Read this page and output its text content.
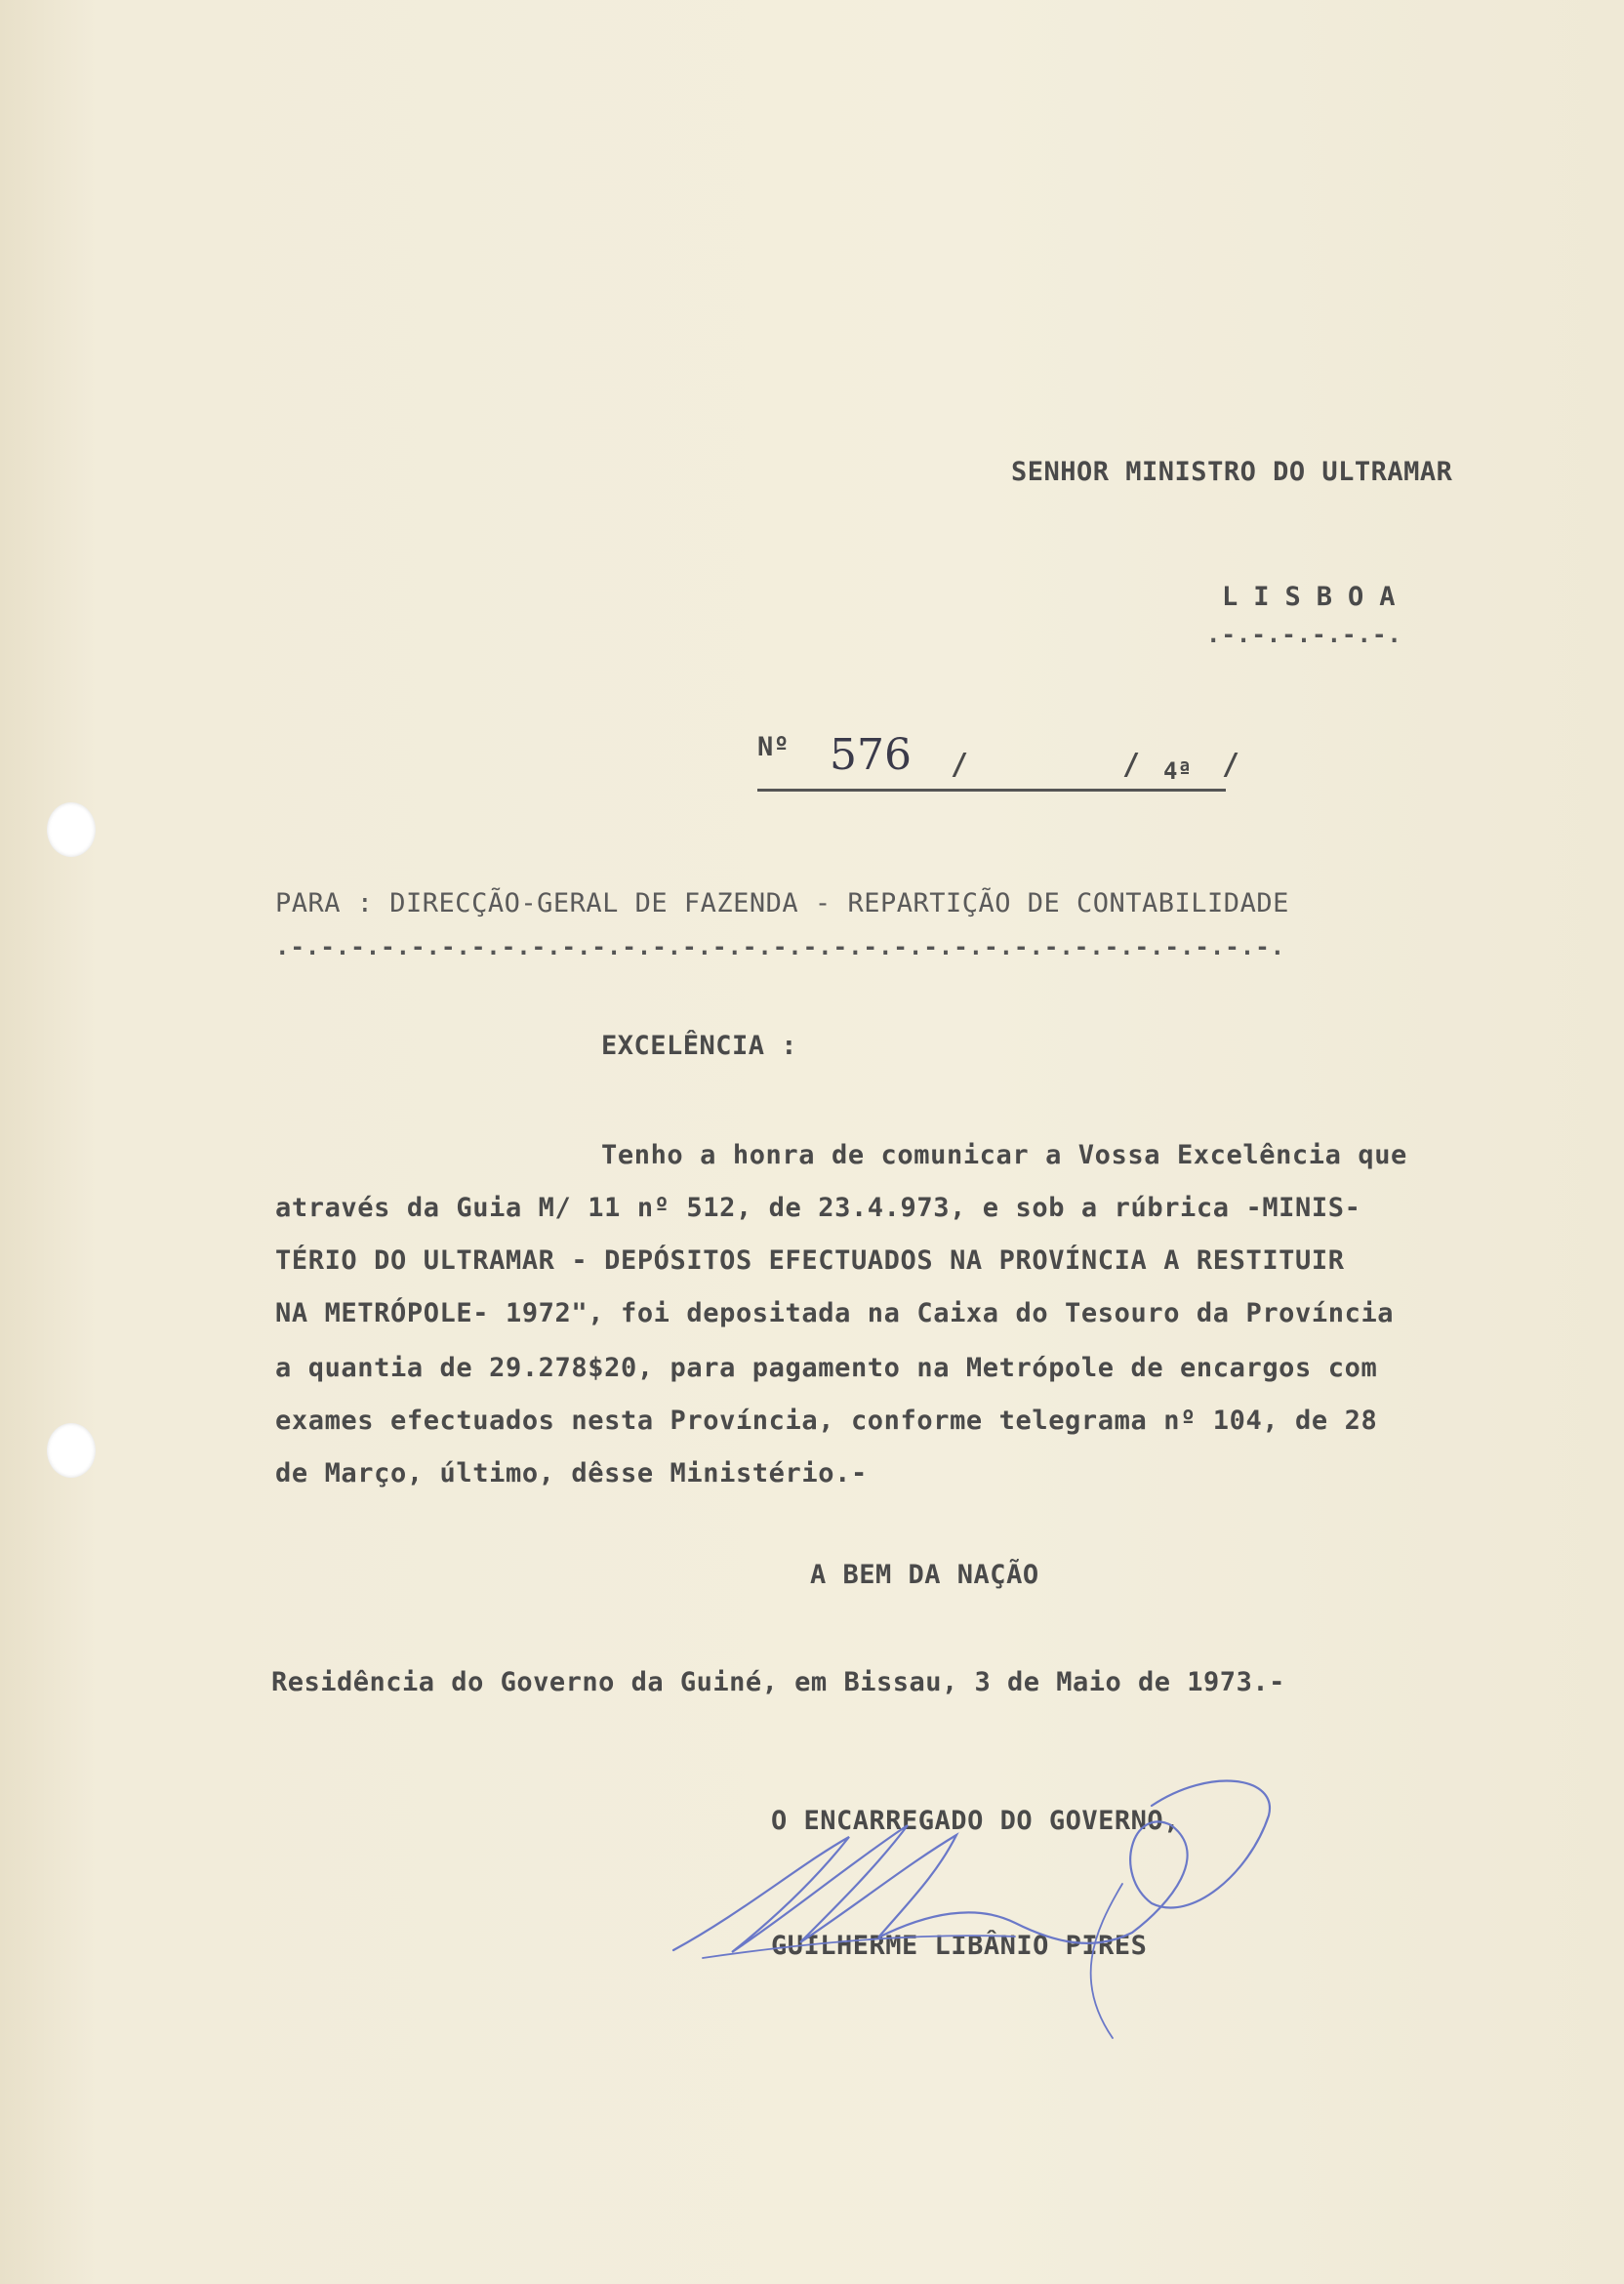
SENHOR MINISTRO DO ULTRAMAR
LISBOA
.-.-.-.-.-.-.
Nº 576 /	/ 4ª /
PARA : DIRECÇÃO-GERAL DE FAZENDA - REPARTIÇÃO DE CONTABILIDADE
.-.-.-.-.-.-.-.-.-.-.-.-.-.-.-.-.-.-.-.-.-.-.-.-.-.-.-.-.-.-.-.-.-.
EXCELÊNCIA :
Tenho a honra de comunicar a Vossa Excelência que
através da Guia M/ 11 nº 512, de 23.4.973, e sob a rúbrica -MINIS-
TÉRIO DO ULTRAMAR - DEPÓSITOS EFECTUADOS NA PROVÍNCIA A RESTITUIR
NA METRÓPOLE- 1972", foi depositada na Caixa do Tesouro da Província
a quantia de 29.278$20, para pagamento na Metrópole de encargos com
exames efectuados nesta Província, conforme telegrama nº 104, de 28
de Março, último, dêsse Ministério.-
A BEM DA NAÇÃO
Residência do Governo da Guiné, em Bissau, 3 de Maio de 1973.-
O ENCARREGADO DO GOVERNO,
GUILHERME LIBÂNIO PIRES
